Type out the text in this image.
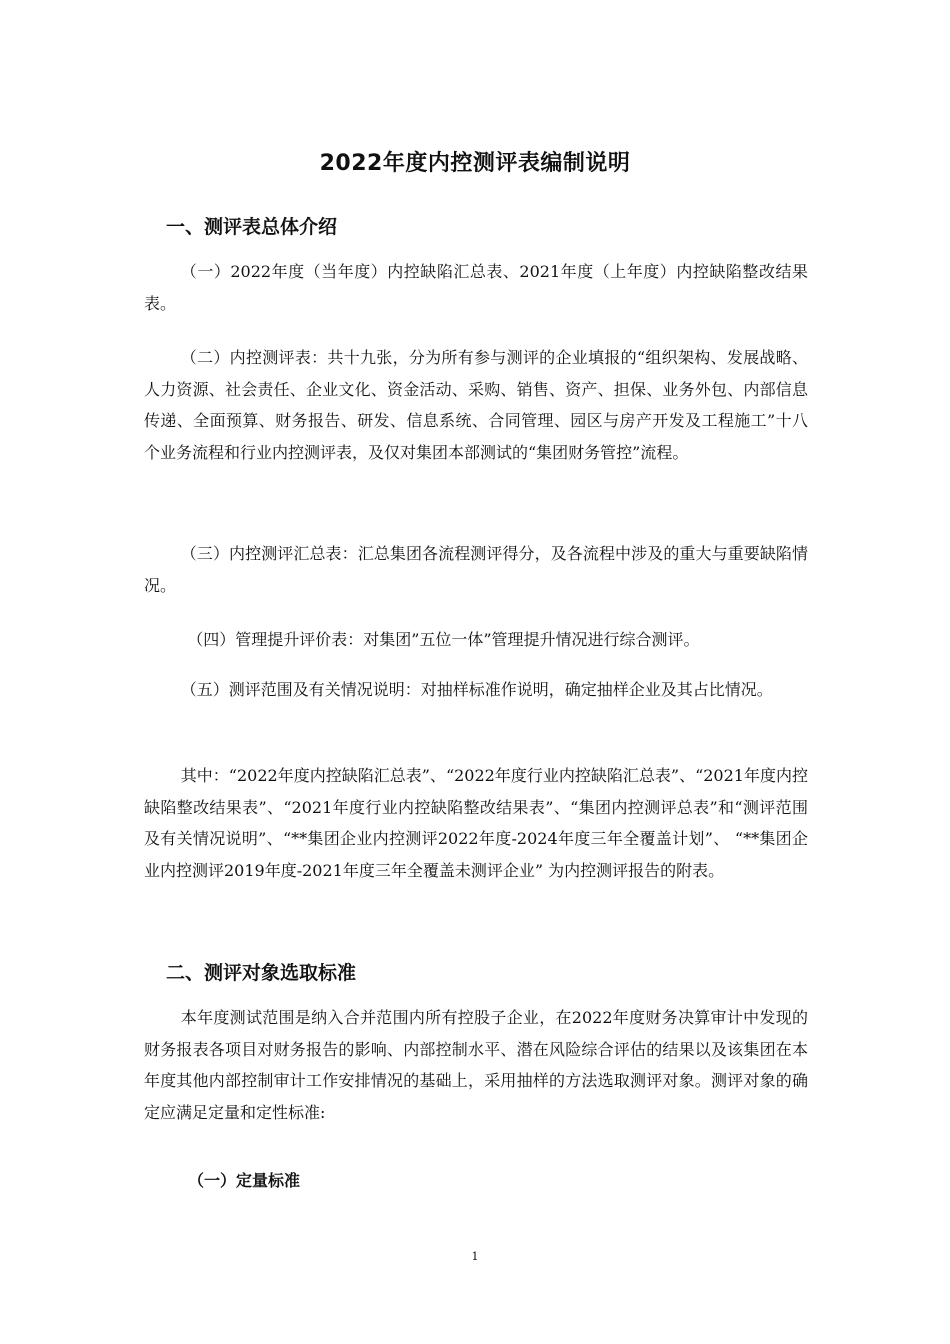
2022年度内控测评表编制说明
一、测评表总体介绍

（一）2022年度（当年度）内控缺陷汇总表、2021年度（上年度）内控缺陷整改结果表。

（二）内控测评表：共十九张，分为所有参与测评的企业填报的“组织架构、发展战略、人力资源、社会责任、企业文化、资金活动、采购、销售、资产、担保、业务外包、内部信息传递、全面预算、财务报告、研发、信息系统、合同管理、园区与房产开发及工程施工”十八个业务流程和行业内控测评表，及仅对集团本部测试的“集团财务管控”流程。

（三）内控测评汇总表：汇总集团各流程测评得分，及各流程中涉及的重大与重要缺陷情况。

（四）管理提升评价表：对集团”五位一体”管理提升情况进行综合测评。

（五）测评范围及有关情况说明：对抽样标准作说明，确定抽样企业及其占比情况。

其中：“2022年度内控缺陷汇总表”、“2022年度行业内控缺陷汇总表”、“2021年度内控缺陷整改结果表”、“2021年度行业内控缺陷整改结果表”、“集团内控测评总表”和“测评范围及有关情况说明”、“**集团企业内控测评2022年度-2024年度三年全覆盖计划”、 “**集团企业内控测评2019年度-2021年度三年全覆盖未测评企业” 为内控测评报告的附表。

二、测评对象选取标准

本年度测试范围是纳入合并范围内所有控股子企业，在2022年度财务决算审计中发现的财务报表各项目对财务报告的影响、内部控制水平、潜在风险综合评估的结果以及该集团在本年度其他内部控制审计工作安排情况的基础上，采用抽样的方法选取测评对象。测评对象的确定应满足定量和定性标准:

（一）定量标准
1
